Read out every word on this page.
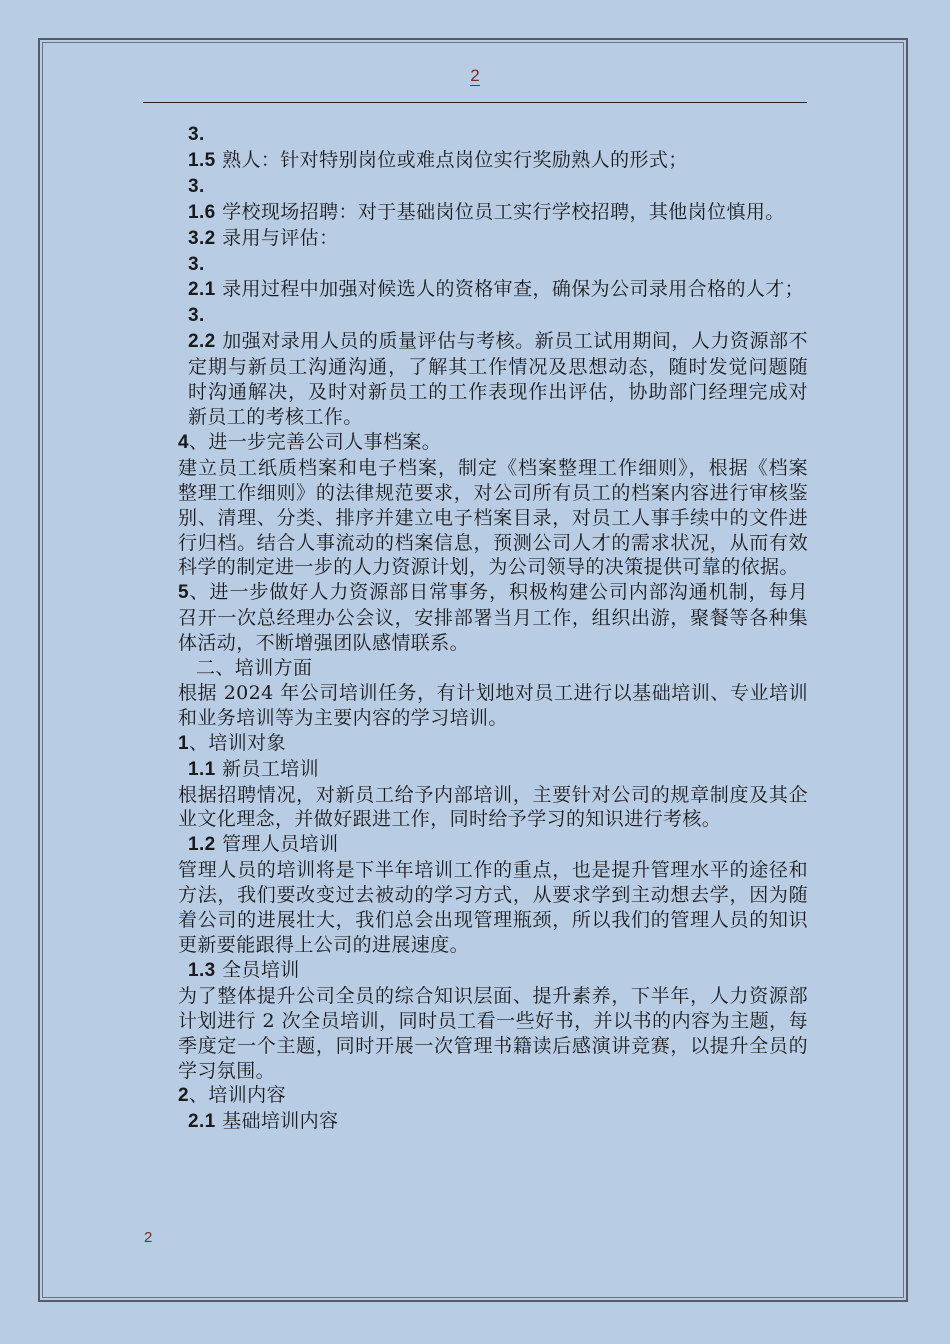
2

3.

1.5 熟人：针对特别岗位或难点岗位实行奖励熟人的形式；

3.

1.6 学校现场招聘：对于基础岗位员工实行学校招聘，其他岗位慎用。

3.2 录用与评估：

3.

2.1 录用过程中加强对候选人的资格审查，确保为公司录用合格的人才；

3.

2.2 加强对录用人员的质量评估与考核。新员工试用期间，人力资源部不定期与新员工沟通沟通，了解其工作情况及思想动态，随时发觉问题随时沟通解决，及时对新员工的工作表现作出评估，协助部门经理完成对新员工的考核工作。

4、进一步完善公司人事档案。

建立员工纸质档案和电子档案，制定《档案整理工作细则》，根据《档案整理工作细则》的法律规范要求，对公司所有员工的档案内容进行审核鉴别、清理、分类、排序并建立电子档案目录，对员工人事手续中的文件进行归档。结合人事流动的档案信息，预测公司人才的需求状况，从而有效科学的制定进一步的人力资源计划，为公司领导的决策提供可靠的依据。

5、进一步做好人力资源部日常事务，积极构建公司内部沟通机制，每月召开一次总经理办公会议，安排部署当月工作，组织出游，聚餐等各种集体活动，不断增强团队感情联系。

二、培训方面

根据 2024 年公司培训任务，有计划地对员工进行以基础培训、专业培训和业务培训等为主要内容的学习培训。

1、培训对象

1.1 新员工培训

根据招聘情况，对新员工给予内部培训，主要针对公司的规章制度及其企业文化理念，并做好跟进工作，同时给予学习的知识进行考核。

1.2 管理人员培训

管理人员的培训将是下半年培训工作的重点，也是提升管理水平的途径和方法，我们要改变过去被动的学习方式，从要求学到主动想去学，因为随着公司的进展壮大，我们总会出现管理瓶颈，所以我们的管理人员的知识更新要能跟得上公司的进展速度。

1.3 全员培训

为了整体提升公司全员的综合知识层面、提升素养，下半年，人力资源部计划进行 2 次全员培训，同时员工看一些好书，并以书的内容为主题，每季度定一个主题，同时开展一次管理书籍读后感演讲竞赛，以提升全员的学习氛围。

2、培训内容

2.1 基础培训内容

2
